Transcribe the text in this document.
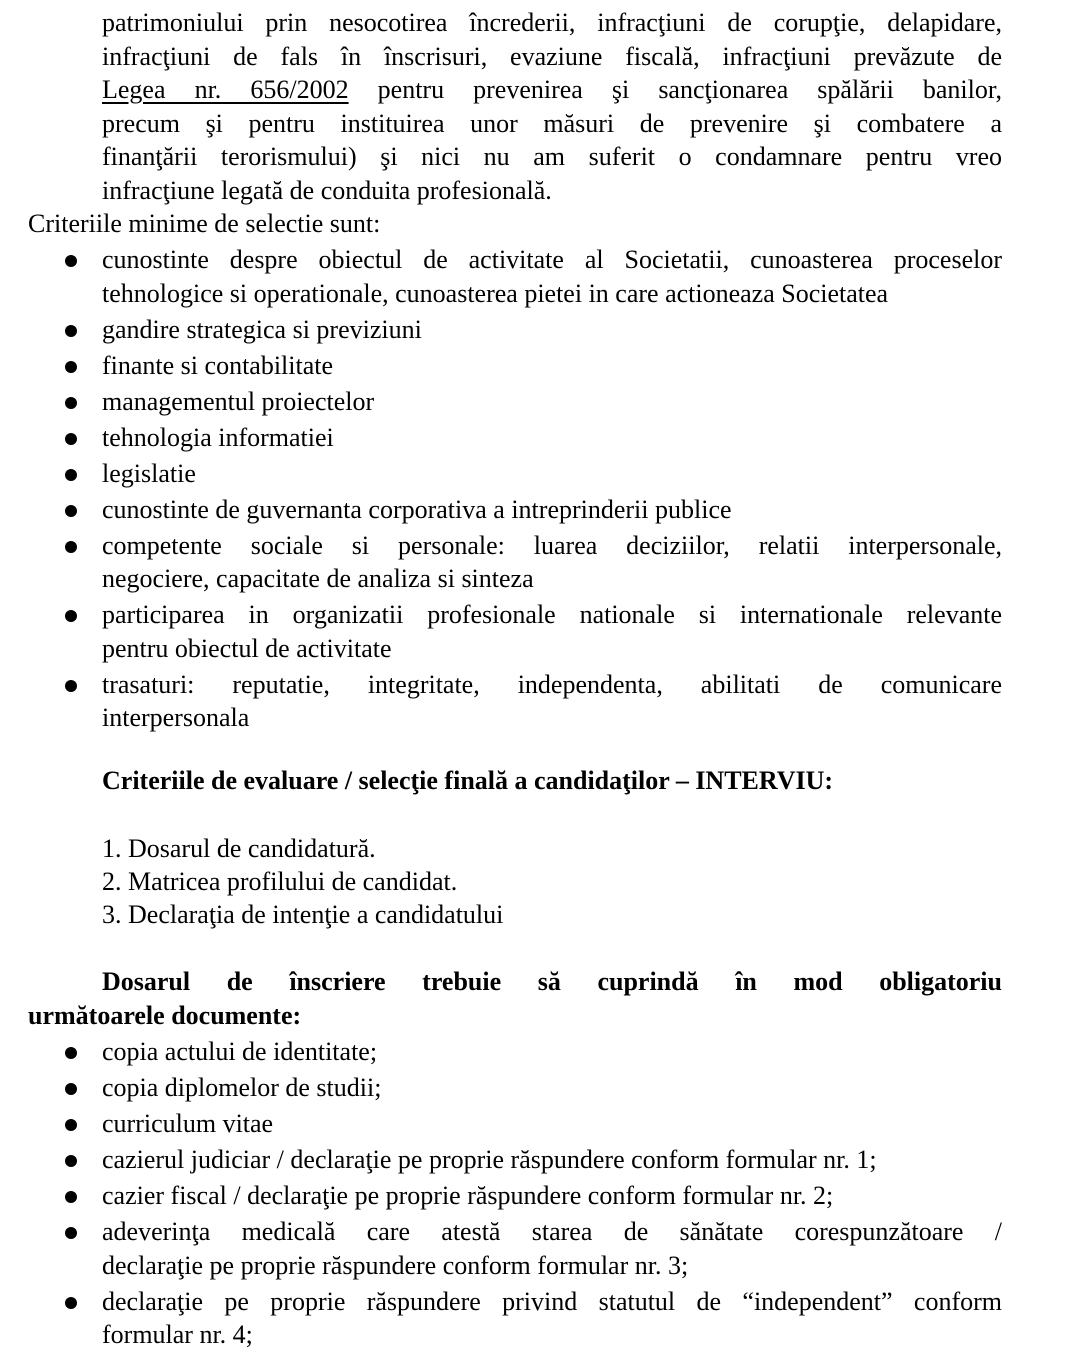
patrimoniului prin nesocotirea încrederii, infracţiuni de corupţie, delapidare,
infracţiuni de fals în înscrisuri, evaziune fiscală, infracţiuni prevăzute de
Legea nr. 656/2002 pentru prevenirea şi sancţionarea spălării banilor,
precum şi pentru instituirea unor măsuri de prevenire şi combatere a
finanţării terorismului) şi nici nu am suferit o condamnare pentru vreo
infracţiune legată de conduita profesională.
Criteriile minime de selectie sunt:
cunostinte despre obiectul de activitate al Societatii, cunoasterea proceselor
tehnologice si operationale, cunoasterea pietei in care actioneaza Societatea
gandire strategica si previziuni
finante si contabilitate
managementul proiectelor
tehnologia informatiei
legislatie
cunostinte de guvernanta corporativa a intreprinderii publice
competente sociale si personale: luarea deciziilor, relatii interpersonale,
negociere, capacitate de analiza si sinteza
participarea in organizatii profesionale nationale si internationale relevante
pentru obiectul de activitate
trasaturi: reputatie, integritate, independenta, abilitati de comunicare
interpersonala
Criteriile de evaluare / selecţie finală a candidaţilor – INTERVIU:
1. Dosarul de candidatură.
2. Matricea profilului de candidat.
3. Declaraţia de intenţie a candidatului
Dosarul de înscriere trebuie să cuprindă în mod obligatoriu
următoarele documente:
copia actului de identitate;
copia diplomelor de studii;
curriculum vitae
cazierul judiciar / declaraţie pe proprie răspundere conform formular nr. 1;
cazier fiscal / declaraţie pe proprie răspundere conform formular nr. 2;
adeverinţa medicală care atestă starea de sănătate corespunzătoare /
declaraţie pe proprie răspundere conform formular nr. 3;
declaraţie pe proprie răspundere privind statutul de “independent” conform
formular nr. 4;
